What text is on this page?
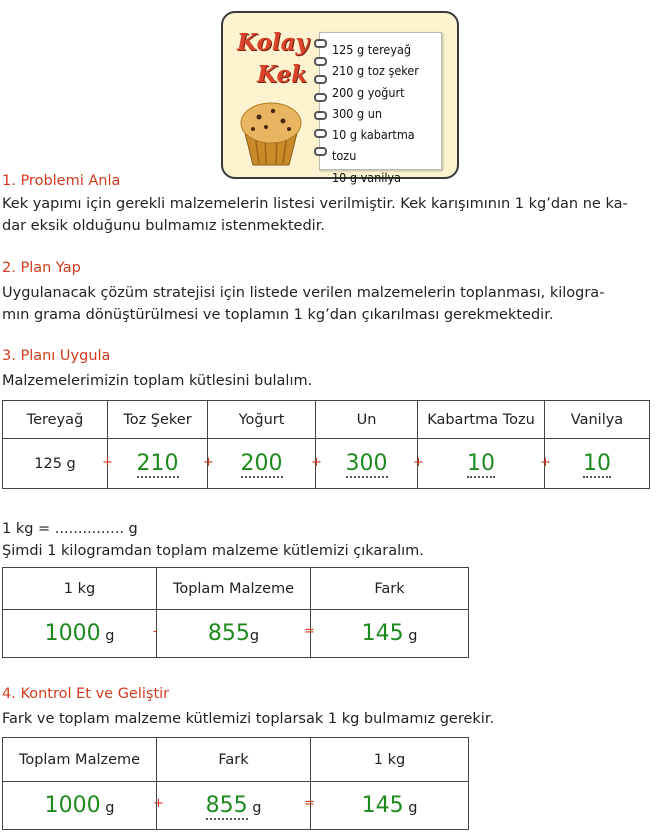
Kolay
Kek
125 g tereyağ
210 g toz şeker
200 g yoğurt
300 g un
10 g kabartma tozu
10 g vanilya
1. Problemi Anla
Kek yapımı için gerekli malzemelerin listesi verilmiştir. Kek karışımının 1 kg’dan ne ka-
dar eksik olduğunu bulmamız istenmektedir.
2. Plan Yap
Uygulanacak çözüm stratejisi için listede verilen malzemelerin toplanması, kilogra-
mın grama dönüştürülmesi ve toplamın 1 kg’dan çıkarılması gerekmektedir.
3. Planı Uygula
Malzemelerimizin toplam kütlesini bulalım.
Tereyağ	Toz Şeker	Yoğurt	Un	Kabartma Tozu	Vanilya
125 g	210	200	300	10	10
+	+	+	+	+
1 kg = ............... g
Şimdi 1 kilogramdan toplam malzeme kütlemizi çıkaralım.
1 kg	Toplam Malzeme	Fark
1000 g	855g	145 g
-	=
4. Kontrol Et ve Geliştir
Fark ve toplam malzeme kütlemizi toplarsak 1 kg bulmamız gerekir.
Toplam Malzeme	Fark	1 kg
1000 g	855 g	145 g
+	=
